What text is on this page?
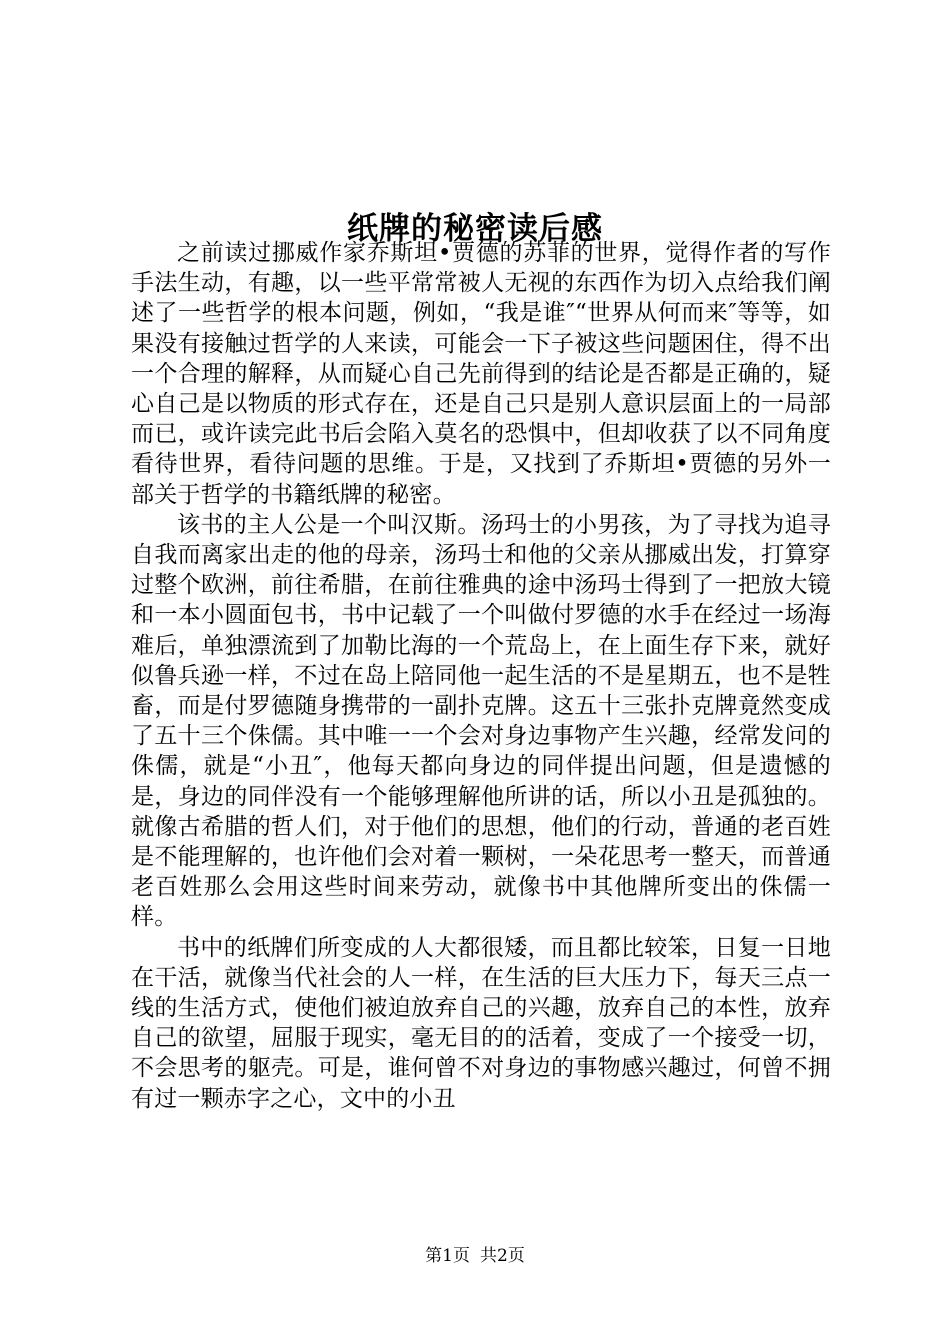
纸牌的秘密读后感

之前读过挪威作家乔斯坦•贾德的苏菲的世界，觉得作者的写作手法生动，有趣，以一些平常常被人无视的东西作为切入点给我们阐述了一些哲学的根本问题，例如，“我是谁″“世界从何而来″等等，如果没有接触过哲学的人来读，可能会一下子被这些问题困住，得不出一个合理的解释，从而疑心自己先前得到的结论是否都是正确的，疑心自己是以物质的形式存在，还是自己只是别人意识层面上的一局部而已，或许读完此书后会陷入莫名的恐惧中，但却收获了以不同角度看待世界，看待问题的思维。于是，又找到了乔斯坦•贾德的另外一部关于哲学的书籍纸牌的秘密。

该书的主人公是一个叫汉斯。汤玛士的小男孩，为了寻找为追寻自我而离家出走的他的母亲，汤玛士和他的父亲从挪威出发，打算穿过整个欧洲，前往希腊，在前往雅典的途中汤玛士得到了一把放大镜和一本小圆面包书，书中记载了一个叫做付罗德的水手在经过一场海难后，单独漂流到了加勒比海的一个荒岛上，在上面生存下来，就好似鲁兵逊一样，不过在岛上陪同他一起生活的不是星期五，也不是牲畜，而是付罗德随身携带的一副扑克牌。这五十三张扑克牌竟然变成了五十三个侏儒。其中唯一一个会对身边事物产生兴趣，经常发问的侏儒，就是“小丑″，他每天都向身边的同伴提出问题，但是遗憾的是，身边的同伴没有一个能够理解他所讲的话，所以小丑是孤独的。就像古希腊的哲人们，对于他们的思想，他们的行动，普通的老百姓是不能理解的，也许他们会对着一颗树，一朵花思考一整天，而普通老百姓那么会用这些时间来劳动，就像书中其他牌所变出的侏儒一样。

书中的纸牌们所变成的人大都很矮，而且都比较笨，日复一日地在干活，就像当代社会的人一样，在生活的巨大压力下，每天三点一线的生活方式，使他们被迫放弃自己的兴趣，放弃自己的本性，放弃自己的欲望，屈服于现实，毫无目的的活着，变成了一个接受一切，不会思考的躯壳。可是，谁何曾不对身边的事物感兴趣过，何曾不拥有过一颗赤字之心，文中的小丑

第1页 共2页
